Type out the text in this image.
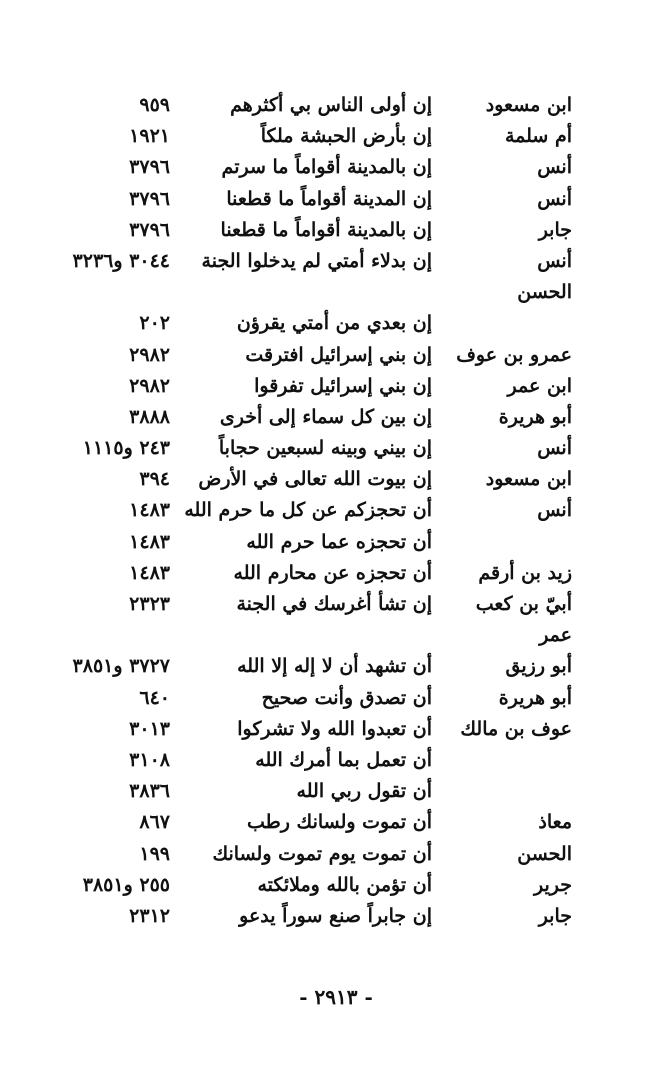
ابن مسعود
إن أولى الناس بي أكثرهم
٩٥٩
أم سلمة
إن بأرض الحبشة ملكاً
١٩٢١
أنس
إن بالمدينة أقواماً ما سرتم
٣٧٩٦
أنس
إن المدينة أقواماً ما قطعنا
٣٧٩٦
جابر
إن بالمدينة أقواماً ما قطعنا
٣٧٩٦
أنس
إن بدلاء أمتي لم يدخلوا الجنة
٣٠٤٤ و٣٢٣٦
الحسن
إن بعدي من أمتي يقرؤن
٢٠٢
عمرو بن عوف
إن بني إسرائيل افترقت
٢٩٨٢
ابن عمر
إن بني إسرائيل تفرقوا
٢٩٨٢
أبو هريرة
إن بين كل سماء إلى أخرى
٣٨٨٨
أنس
إن بيني وبينه لسبعين حجاباً
٢٤٣ و١١١٥
ابن مسعود
إن بيوت الله تعالى في الأرض
٣٩٤
أنس
أن تحجزكم عن كل ما حرم الله
١٤٨٣
أن تحجزه عما حرم الله
١٤٨٣
زيد بن أرقم
أن تحجزه عن محارم الله
١٤٨٣
أبيّ بن كعب
إن تشأ أغرسك في الجنة
٢٣٢٣
عمر
أبو رزيق
أن تشهد أن لا إله إلا الله
٣٧٢٧ و٣٨٥١
أبو هريرة
أن تصدق وأنت صحيح
٦٤٠
عوف بن مالك
أن تعبدوا الله ولا تشركوا
٣٠١٣
أن تعمل بما أمرك الله
٣١٠٨
أن تقول ربي الله
٣٨٣٦
معاذ
أن تموت ولسانك رطب
٨٦٧
الحسن
أن تموت يوم تموت ولسانك
١٩٩
جرير
أن تؤمن بالله وملائكته
٢٥٥ و٣٨٥١
جابر
إن جابراً صنع سوراً يدعو
٢٣١٢
- ٢٩١٣ -
